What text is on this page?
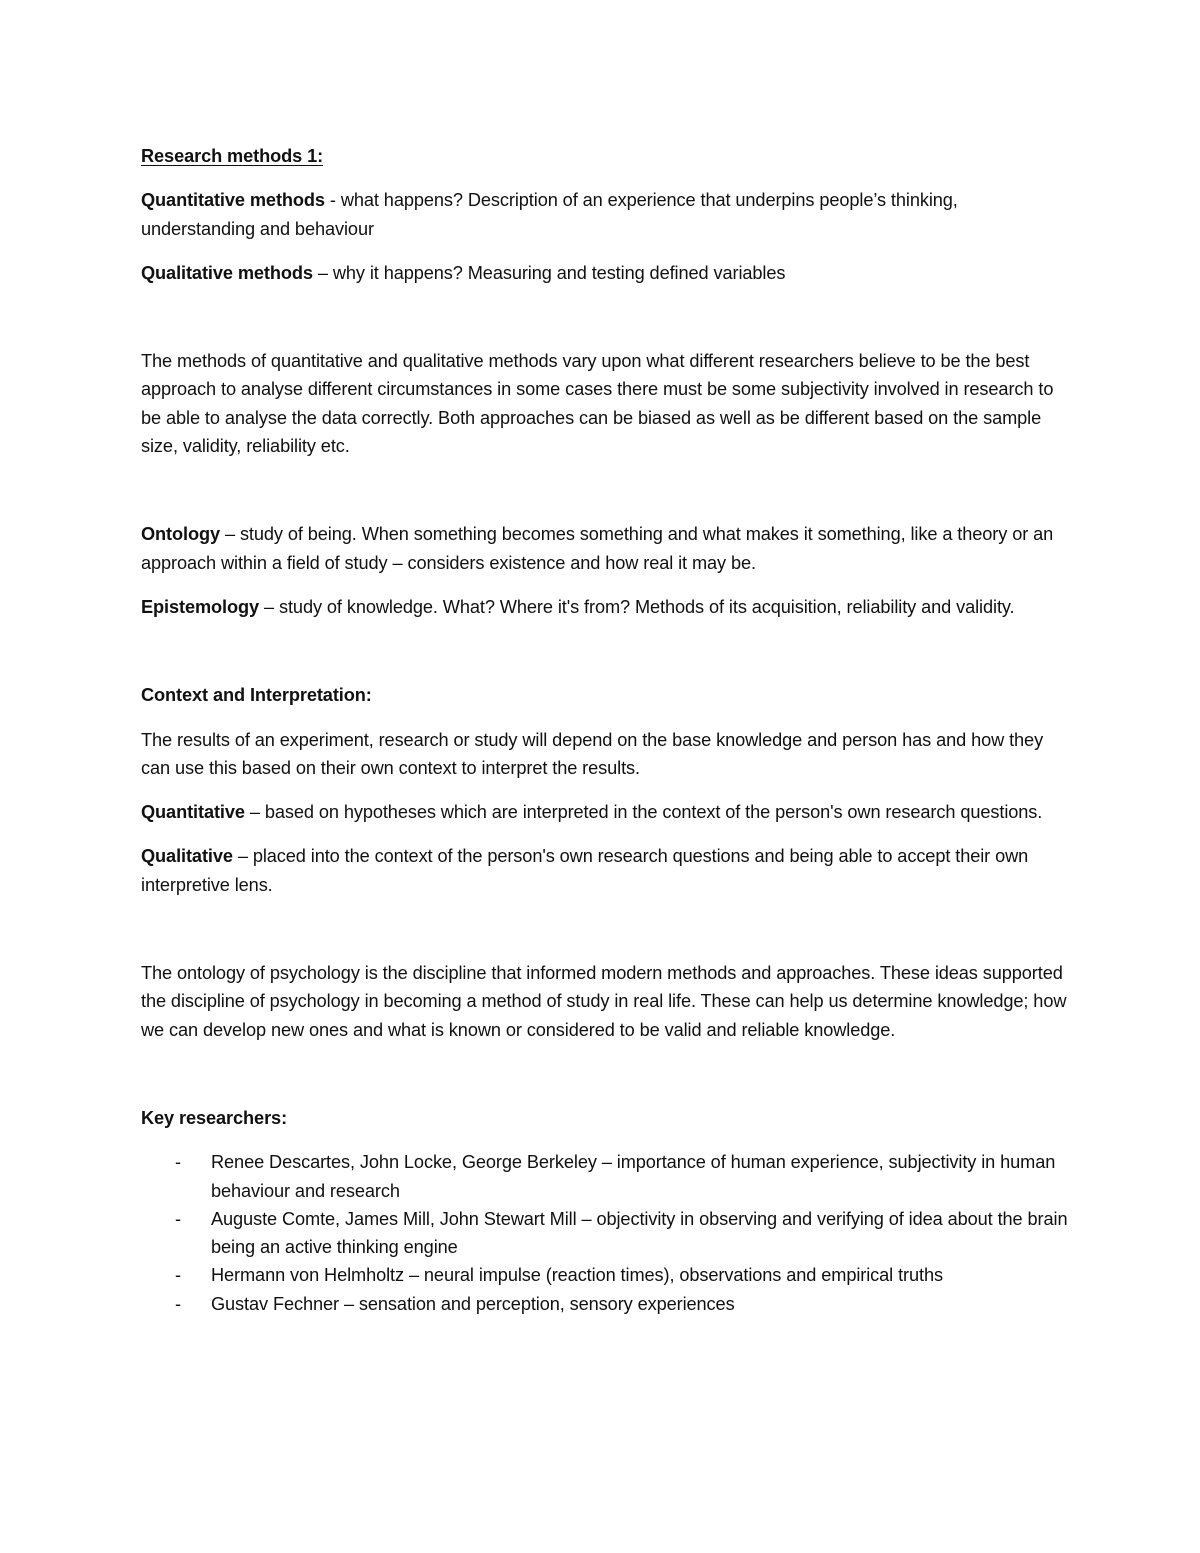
Research methods 1:

Quantitative methods - what happens? Description of an experience that underpins people’s thinking, understanding and behaviour

Qualitative methods – why it happens? Measuring and testing defined variables

The methods of quantitative and qualitative methods vary upon what different researchers believe to be the best approach to analyse different circumstances in some cases there must be some subjectivity involved in research to be able to analyse the data correctly. Both approaches can be biased as well as be different based on the sample size, validity, reliability etc.

Ontology – study of being. When something becomes something and what makes it something, like a theory or an approach within a field of study – considers existence and how real it may be.

Epistemology – study of knowledge. What? Where it's from? Methods of its acquisition, reliability and validity.

Context and Interpretation:

The results of an experiment, research or study will depend on the base knowledge and person has and how they can use this based on their own context to interpret the results.

Quantitative – based on hypotheses which are interpreted in the context of the person's own research questions.

Qualitative – placed into the context of the person's own research questions and being able to accept their own interpretive lens.

The ontology of psychology is the discipline that informed modern methods and approaches. These ideas supported the discipline of psychology in becoming a method of study in real life. These can help us determine knowledge; how we can develop new ones and what is known or considered to be valid and reliable knowledge.

Key researchers:

- Renee Descartes, John Locke, George Berkeley – importance of human experience, subjectivity in human behaviour and research
- Auguste Comte, James Mill, John Stewart Mill – objectivity in observing and verifying of idea about the brain being an active thinking engine
- Hermann von Helmholtz – neural impulse (reaction times), observations and empirical truths
- Gustav Fechner – sensation and perception, sensory experiences
